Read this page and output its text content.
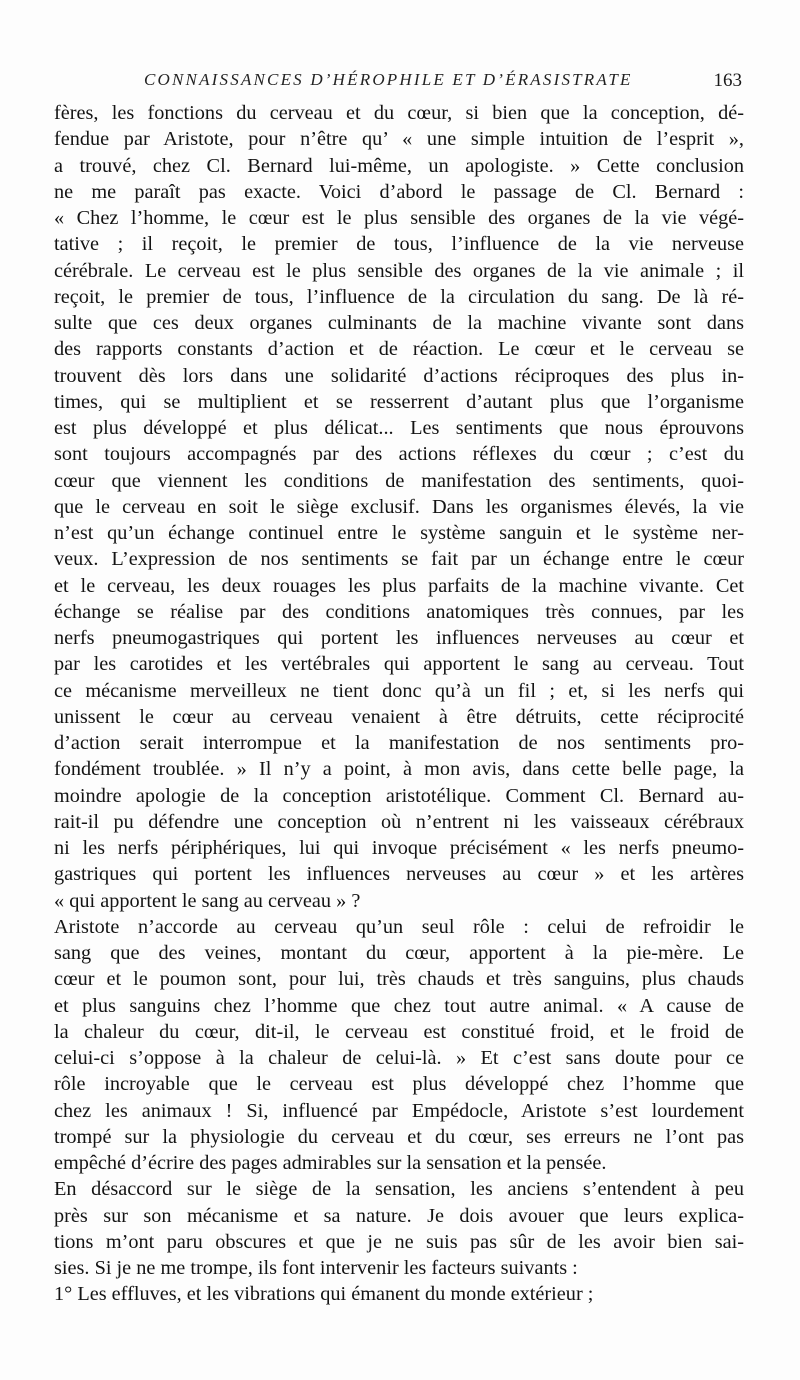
CONNAISSANCES D’HÉROPHILE ET D’ÉRASISTRATE	163
fères, les fonctions du cerveau et du cœur, si bien que la conception, dé-
fendue par Aristote, pour n’être qu’ « une simple intuition de l’esprit »,
a trouvé, chez Cl. Bernard lui-même, un apologiste. » Cette conclusion
ne me paraît pas exacte. Voici d’abord le passage de Cl. Bernard :
« Chez l’homme, le cœur est le plus sensible des organes de la vie végé-
tative ; il reçoit, le premier de tous, l’influence de la vie nerveuse
cérébrale. Le cerveau est le plus sensible des organes de la vie animale ; il
reçoit, le premier de tous, l’influence de la circulation du sang. De là ré-
sulte que ces deux organes culminants de la machine vivante sont dans
des rapports constants d’action et de réaction. Le cœur et le cerveau se
trouvent dès lors dans une solidarité d’actions réciproques des plus in-
times, qui se multiplient et se resserrent d’autant plus que l’organisme
est plus développé et plus délicat... Les sentiments que nous éprouvons
sont toujours accompagnés par des actions réflexes du cœur ; c’est du
cœur que viennent les conditions de manifestation des sentiments, quoi-
que le cerveau en soit le siège exclusif. Dans les organismes élevés, la vie
n’est qu’un échange continuel entre le système sanguin et le système ner-
veux. L’expression de nos sentiments se fait par un échange entre le cœur
et le cerveau, les deux rouages les plus parfaits de la machine vivante. Cet
échange se réalise par des conditions anatomiques très connues, par les
nerfs pneumogastriques qui portent les influences nerveuses au cœur et
par les carotides et les vertébrales qui apportent le sang au cerveau. Tout
ce mécanisme merveilleux ne tient donc qu’à un fil ; et, si les nerfs qui
unissent le cœur au cerveau venaient à être détruits, cette réciprocité
d’action serait interrompue et la manifestation de nos sentiments pro-
fondément troublée. » Il n’y a point, à mon avis, dans cette belle page, la
moindre apologie de la conception aristotélique. Comment Cl. Bernard au-
rait-il pu défendre une conception où n’entrent ni les vaisseaux cérébraux
ni les nerfs périphériques, lui qui invoque précisément « les nerfs pneumo-
gastriques qui portent les influences nerveuses au cœur » et les artères
« qui apportent le sang au cerveau » ?
Aristote n’accorde au cerveau qu’un seul rôle : celui de refroidir le
sang que des veines, montant du cœur, apportent à la pie-mère. Le
cœur et le poumon sont, pour lui, très chauds et très sanguins, plus chauds
et plus sanguins chez l’homme que chez tout autre animal. « A cause de
la chaleur du cœur, dit-il, le cerveau est constitué froid, et le froid de
celui-ci s’oppose à la chaleur de celui-là. » Et c’est sans doute pour ce
rôle incroyable que le cerveau est plus développé chez l’homme que
chez les animaux ! Si, influencé par Empédocle, Aristote s’est lourdement
trompé sur la physiologie du cerveau et du cœur, ses erreurs ne l’ont pas
empêché d’écrire des pages admirables sur la sensation et la pensée.
En désaccord sur le siège de la sensation, les anciens s’entendent à peu
près sur son mécanisme et sa nature. Je dois avouer que leurs explica-
tions m’ont paru obscures et que je ne suis pas sûr de les avoir bien sai-
sies. Si je ne me trompe, ils font intervenir les facteurs suivants :
1° Les effluves, et les vibrations qui émanent du monde extérieur ;
